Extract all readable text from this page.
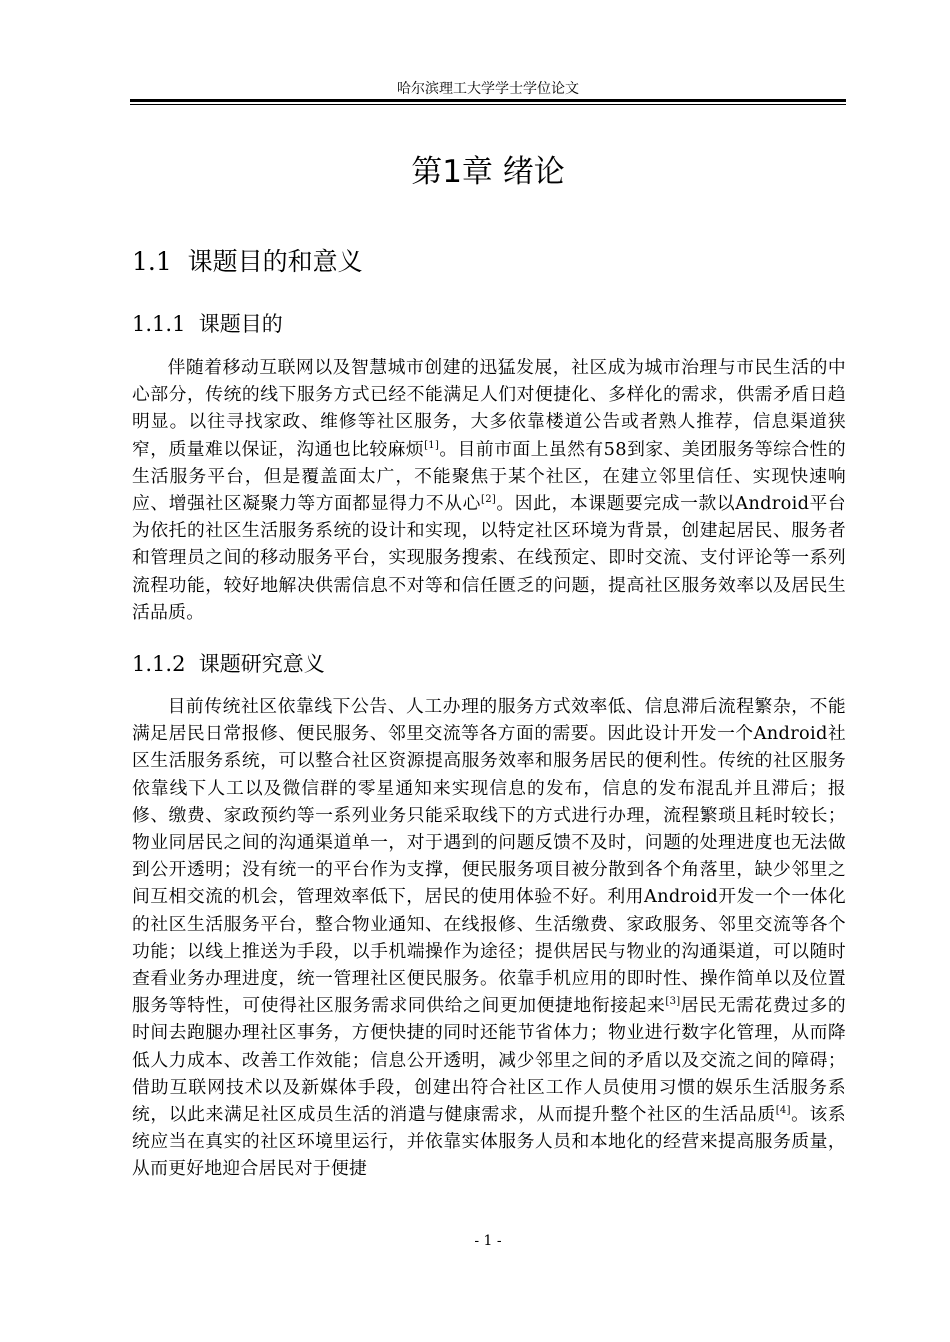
哈尔滨理工大学学士学位论文
第1章 绪论
1.1 课题目的和意义
1.1.1 课题目的

伴随着移动互联网以及智慧城市创建的迅猛发展，社区成为城市治理与市民生活的中心部分，传统的线下服务方式已经不能满足人们对便捷化、多样化的需求，供需矛盾日趋明显。以往寻找家政、维修等社区服务，大多依靠楼道公告或者熟人推荐，信息渠道狭窄，质量难以保证，沟通也比较麻烦[1]。目前市面上虽然有58到家、美团服务等综合性的生活服务平台，但是覆盖面太广，不能聚焦于某个社区，在建立邻里信任、实现快速响应、增强社区凝聚力等方面都显得力不从心[2]。因此，本课题要完成一款以Android平台为依托的社区生活服务系统的设计和实现，以特定社区环境为背景，创建起居民、服务者和管理员之间的移动服务平台，实现服务搜索、在线预定、即时交流、支付评论等一系列流程功能，较好地解决供需信息不对等和信任匮乏的问题，提高社区服务效率以及居民生活品质。

1.1.2 课题研究意义

目前传统社区依靠线下公告、人工办理的服务方式效率低、信息滞后流程繁杂，不能满足居民日常报修、便民服务、邻里交流等各方面的需要。因此设计开发一个Android社区生活服务系统，可以整合社区资源提高服务效率和服务居民的便利性。传统的社区服务依靠线下人工以及微信群的零星通知来实现信息的发布，信息的发布混乱并且滞后；报修、缴费、家政预约等一系列业务只能采取线下的方式进行办理，流程繁琐且耗时较长；物业同居民之间的沟通渠道单一，对于遇到的问题反馈不及时，问题的处理进度也无法做到公开透明；没有统一的平台作为支撑，便民服务项目被分散到各个角落里，缺少邻里之间互相交流的机会，管理效率低下，居民的使用体验不好。利用Android开发一个一体化的社区生活服务平台，整合物业通知、在线报修、生活缴费、家政服务、邻里交流等各个功能；以线上推送为手段，以手机端操作为途径；提供居民与物业的沟通渠道，可以随时查看业务办理进度，统一管理社区便民服务。依靠手机应用的即时性、操作简单以及位置服务等特性，可使得社区服务需求同供给之间更加便捷地衔接起来[3]居民无需花费过多的时间去跑腿办理社区事务，方便快捷的同时还能节省体力；物业进行数字化管理，从而降低人力成本、改善工作效能；信息公开透明，减少邻里之间的矛盾以及交流之间的障碍；借助互联网技术以及新媒体手段，创建出符合社区工作人员使用习惯的娱乐生活服务系统，以此来满足社区成员生活的消遣与健康需求，从而提升整个社区的生活品质[4]。该系统应当在真实的社区环境里运行，并依靠实体服务人员和本地化的经营来提高服务质量，从而更好地迎合居民对于便捷

- 1 -
